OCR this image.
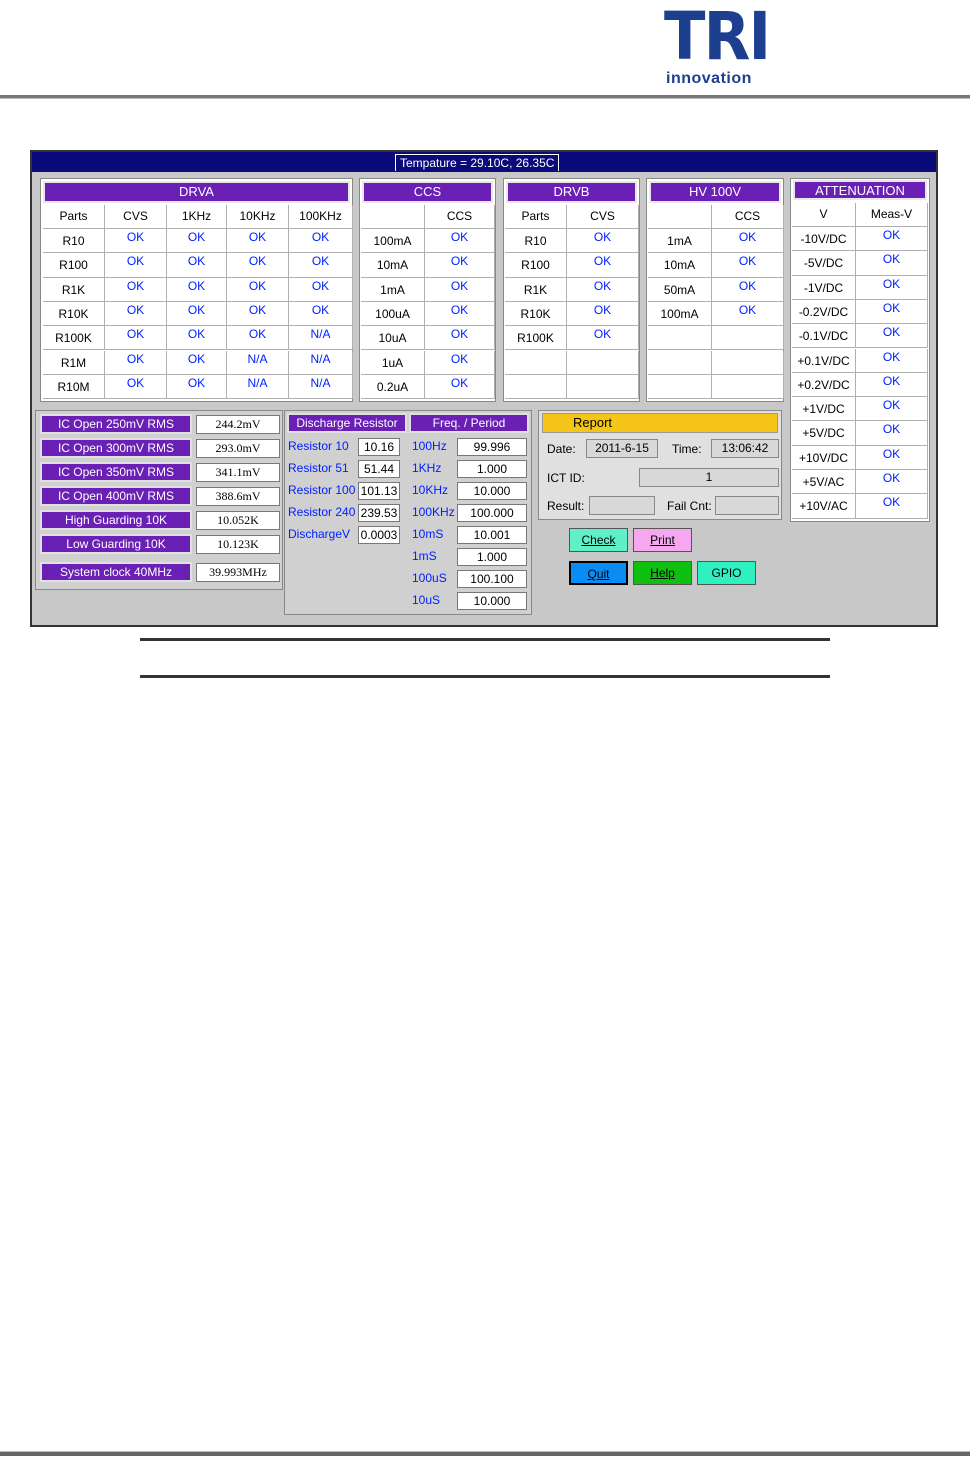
TRI
innovation
Tempature = 29.10C, 26.35C
DRVA
Parts	CVS	1KHz	10KHz	100KHz
R10	OK	OK	OK	OK
R100	OK	OK	OK	OK
R1K	OK	OK	OK	OK
R10K	OK	OK	OK	OK
R100K	OK	OK	OK	N/A
R1M	OK	OK	N/A	N/A
R10M	OK	OK	N/A	N/A
CCS
CCS
100mA	OK
10mA	OK
1mA	OK
100uA	OK
10uA	OK
1uA	OK
0.2uA	OK
DRVB
Parts	CVS
R10	OK
R100	OK
R1K	OK
R10K	OK
R100K	OK
HV 100V
CCS
1mA	OK
10mA	OK
50mA	OK
100mA	OK
ATTENUATION
V	Meas-V
-10V/DC	OK
-5V/DC	OK
-1V/DC	OK
-0.2V/DC	OK
-0.1V/DC	OK
+0.1V/DC	OK
+0.2V/DC	OK
+1V/DC	OK
+5V/DC	OK
+10V/DC	OK
+5V/AC	OK
+10V/AC	OK
IC Open 250mV RMS	244.2mV
IC Open 300mV RMS	293.0mV
IC Open 350mV RMS	341.1mV
IC Open 400mV RMS	388.6mV
High Guarding 10K	10.052K
Low Guarding 10K	10.123K
System clock 40MHz	39.993MHz
Discharge Resistor	Freq. / Period
Resistor 10	10.16
Resistor 51	51.44
Resistor 100 101.13
Resistor 240 239.53
DischargeV 0.0003
100Hz	99.996
1KHz	1.000
10KHz	10.000
100KHz	100.000
10mS	10.001
1mS	1.000
100uS	100.100
10uS	10.000
Report
Date:	2011-6-15	Time:	13:06:42
ICT ID:	1
Result:	Fail Cnt:
Check	Print
Quit	Help	GPIO
